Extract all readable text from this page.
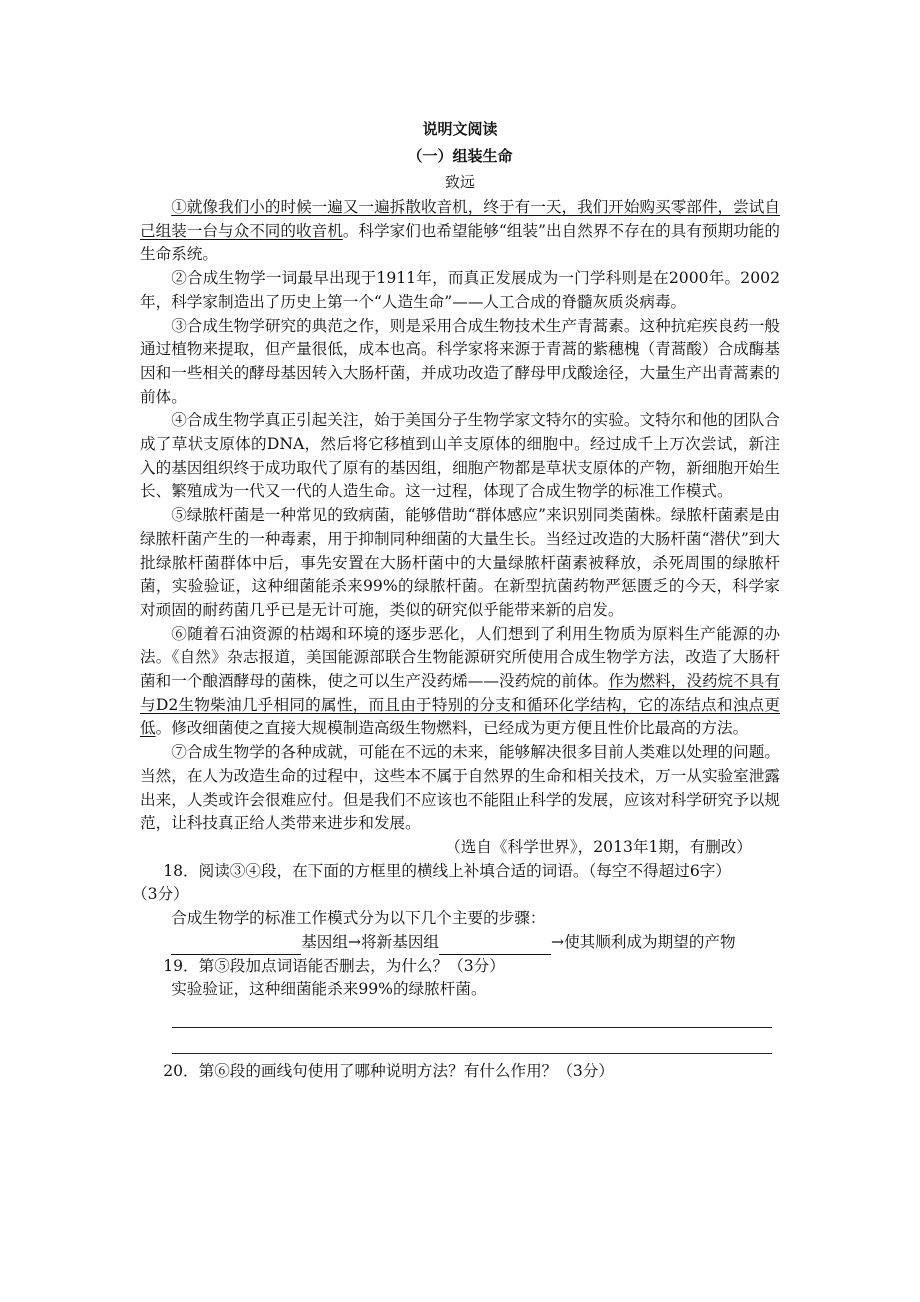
说明文阅读
（一）组装生命
致远

①就像我们小的时候一遍又一遍拆散收音机，终于有一天，我们开始购买零部件，尝试自己组装一台与众不同的收音机。科学家们也希望能够“组装”出自然界不存在的具有预期功能的生命系统。

②合成生物学一词最早出现于1911年，而真正发展成为一门学科则是在2000年。2002年，科学家制造出了历史上第一个“人造生命”——人工合成的脊髓灰质炎病毒。

③合成生物学研究的典范之作，则是采用合成生物技术生产青蒿素。这种抗疟疾良药一般通过植物来提取，但产量很低，成本也高。科学家将来源于青蒿的紫穗槐（青蒿酸）合成酶基因和一些相关的酵母基因转入大肠杆菌，并成功改造了酵母甲戊酸途径，大量生产出青蒿素的前体。

④合成生物学真正引起关注，始于美国分子生物学家文特尔的实验。文特尔和他的团队合成了草状支原体的DNA，然后将它移植到山羊支原体的细胞中。经过成千上万次尝试，新注入的基因组织终于成功取代了原有的基因组，细胞产物都是草状支原体的产物，新细胞开始生长、繁殖成为一代又一代的人造生命。这一过程，体现了合成生物学的标准工作模式。

⑤绿脓杆菌是一种常见的致病菌，能够借助“群体感应”来识别同类菌株。绿脓杆菌素是由绿脓杆菌产生的一种毒素，用于抑制同种细菌的大量生长。当经过改造的大肠杆菌“潜伏”到大批绿脓杆菌群体中后，事先安置在大肠杆菌中的大量绿脓杆菌素被释放，杀死周围的绿脓杆菌，实验验证，这种细菌能杀来99%的绿脓杆菌。在新型抗菌药物严惩匮乏的今天，科学家对顽固的耐药菌几乎已是无计可施，类似的研究似乎能带来新的启发。

⑥随着石油资源的枯竭和环境的逐步恶化，人们想到了利用生物质为原料生产能源的办法。《自然》杂志报道，美国能源部联合生物能源研究所使用合成生物学方法，改造了大肠杆菌和一个酿酒酵母的菌株，使之可以生产没药烯——没药烷的前体。作为燃料，没药烷不具有与D2生物柴油几乎相同的属性，而且由于特别的分支和循环化学结构，它的冻结点和浊点更低。修改细菌使之直接大规模制造高级生物燃料，已经成为更方便且性价比最高的方法。

⑦合成生物学的各种成就，可能在不远的未来，能够解决很多目前人类难以处理的问题。当然，在人为改造生命的过程中，这些本不属于自然界的生命和相关技术，万一从实验室泄露出来，人类或许会很难应付。但是我们不应该也不能阻止科学的发展，应该对科学研究予以规范，让科技真正给人类带来进步和发展。

（选自《科学世界》，2013年1期，有删改）

18．阅读③④段，在下面的方框里的横线上补填合适的词语。（每空不得超过6字）

（3分）

合成生物学的标准工作模式分为以下几个主要的步骤：

基因组→将新基因组	→使其顺利成为期望的产物

19．第⑤段加点词语能否删去，为什么？（3分）

实验验证，这种细菌能杀来99%的绿脓杆菌。

20．第⑥段的画线句使用了哪种说明方法？有什么作用？（3分）
